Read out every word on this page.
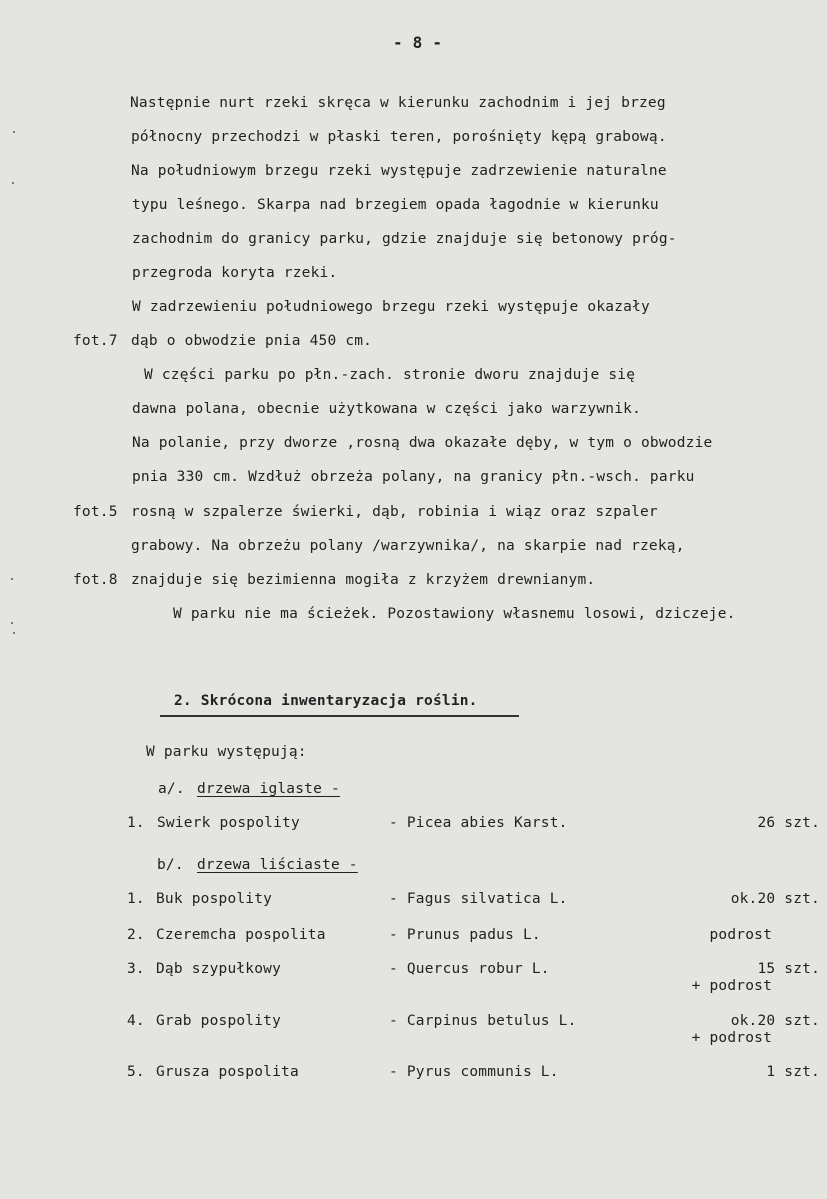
- 8 -
Następnie nurt rzeki skręca w kierunku zachodnim i jej brzeg
północny przechodzi w płaski teren, porośnięty kępą grabową.
Na południowym brzegu rzeki występuje zadrzewienie naturalne
typu leśnego. Skarpa nad brzegiem opada łagodnie w kierunku
zachodnim do granicy parku, gdzie znajduje się betonowy próg-
przegroda koryta rzeki.
W zadrzewieniu południowego brzegu rzeki występuje okazały
fot.7 dąb o obwodzie pnia 450 cm.
W części parku po płn.-zach. stronie dworu znajduje się
dawna polana, obecnie użytkowana w części jako warzywnik.
Na polanie, przy dworze ,rosną dwa okazałe dęby, w tym o obwodzie
pnia 330 cm. Wzdłuż obrzeża polany, na granicy płn.-wsch. parku
fot.5 rosną w szpalerze świerki, dąb, robinia i wiąz oraz szpaler
grabowy. Na obrzeżu polany /warzywnika/, na skarpie nad rzeką,
fot.8 znajduje się bezimienna mogiła z krzyżem drewnianym.
W parku nie ma ścieżek. Pozostawiony własnemu losowi, dziczeje.
2. Skrócona inwentaryzacja roślin.
W parku występują:
a/. drzewa iglaste -
1. Swierk pospolity	- Picea abies Karst.	26 szt.
b/. drzewa liściaste -
1. Buk pospolity	- Fagus silvatica L.	ok.20 szt.
2. Czeremcha pospolita	- Prunus padus L.	podrost
3. Dąb szypułkowy	- Quercus robur L.	15 szt.
+ podrost
4. Grab pospolity	- Carpinus betulus L.	ok.20 szt.
+ podrost
5. Grusza pospolita	- Pyrus communis L.	1 szt.
